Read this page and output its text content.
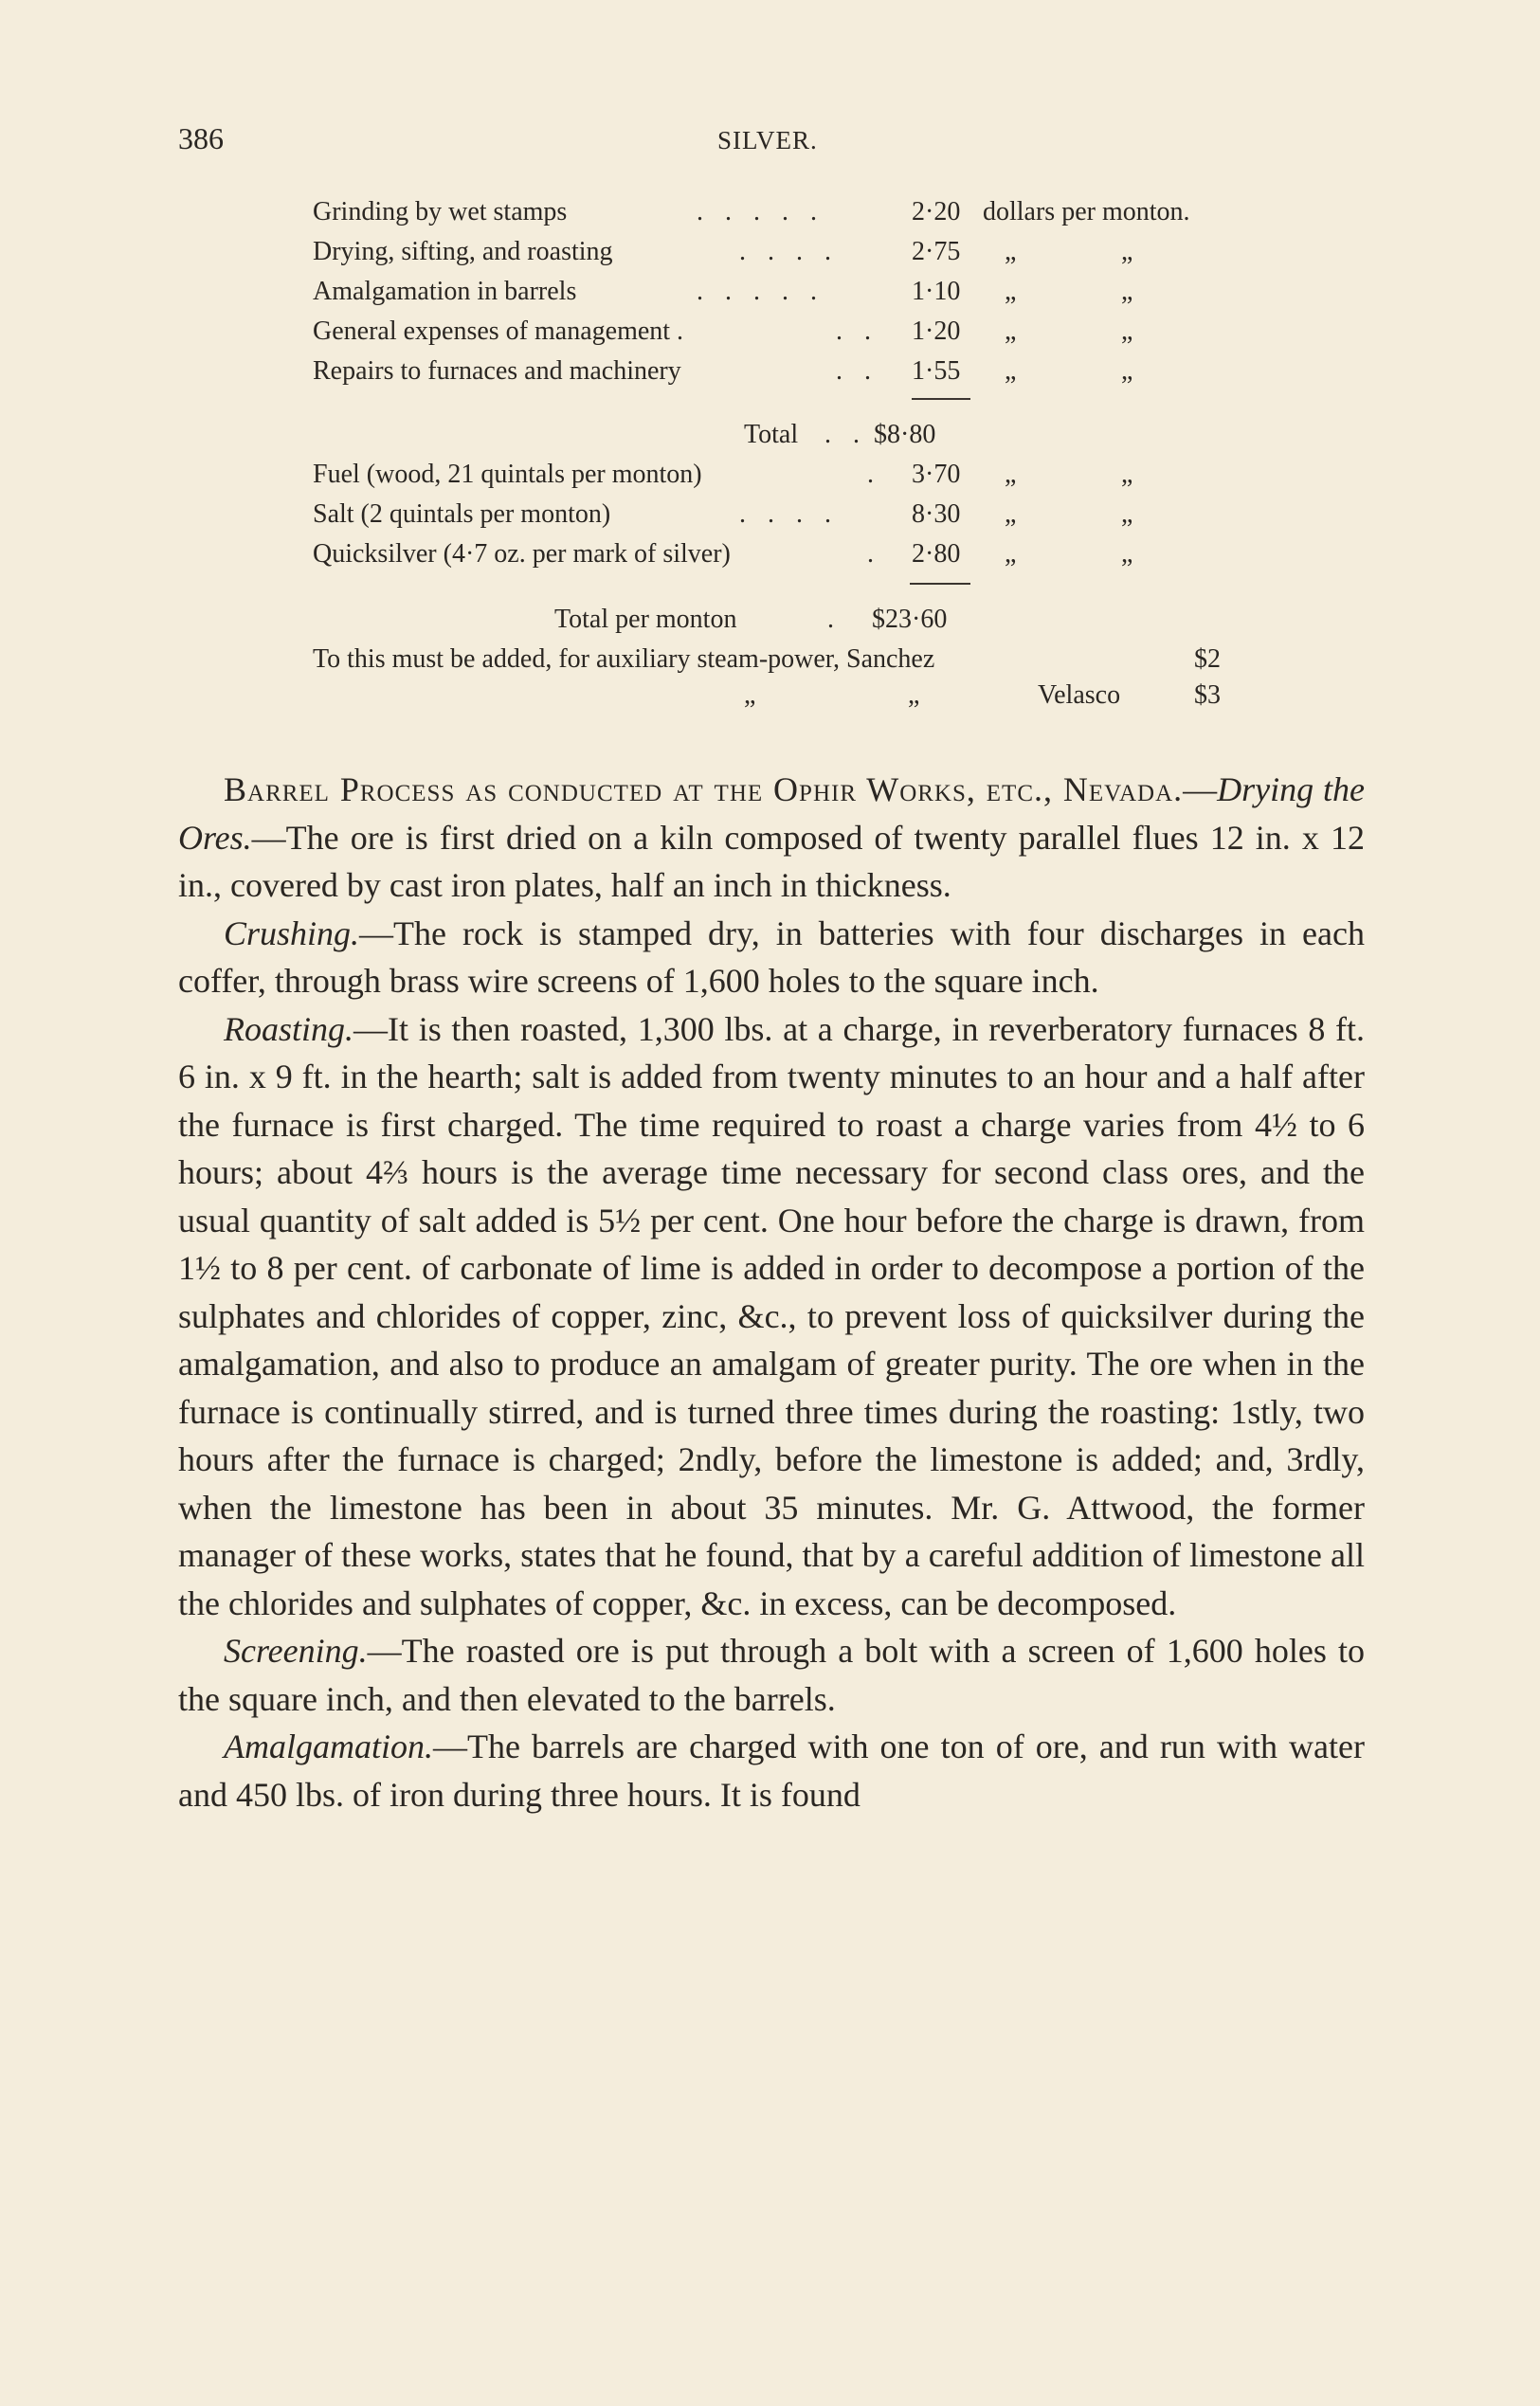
386	SILVER.
Grinding by wet stamps	. . . . .	2·20 dollars per monton.
Drying, sifting, and roasting	. . . .	2·75 „	„
Amalgamation in barrels	. . . . .	1·10 „	„
General expenses of management .	. . 1·20 „	„
Repairs to furnaces and machinery	. . 1·55 „	„
Total . . $8·80
Fuel (wood, 21 quintals per monton)	. 3·70 „	„
Salt (2 quintals per monton)	. . . .	8·30 „	„
Quicksilver (4·7 oz. per mark of silver)	. 2·80 „	„
Total per monton	. $23·60
To this must be added, for auxiliary steam-power, Sanchez	$2
„	„	Velasco	$3

Barrel Process as conducted at the Ophir Works, etc., Nevada.—Drying the Ores.—The ore is first dried on a kiln composed of twenty parallel flues 12 in. x 12 in., covered by cast iron plates, half an inch in thickness.

Crushing.—The rock is stamped dry, in batteries with four discharges in each coffer, through brass wire screens of 1,600 holes to the square inch.

Roasting.—It is then roasted, 1,300 lbs. at a charge, in reverberatory furnaces 8 ft. 6 in. x 9 ft. in the hearth; salt is added from twenty minutes to an hour and a half after the furnace is first charged. The time required to roast a charge varies from 4½ to 6 hours; about 4⅔ hours is the average time necessary for second class ores, and the usual quantity of salt added is 5½ per cent. One hour before the charge is drawn, from 1½ to 8 per cent. of carbonate of lime is added in order to decompose a portion of the sulphates and chlorides of copper, zinc, &c., to prevent loss of quicksilver during the amalgamation, and also to produce an amalgam of greater purity. The ore when in the furnace is continually stirred, and is turned three times during the roasting: 1stly, two hours after the furnace is charged; 2ndly, before the limestone is added; and, 3rdly, when the limestone has been in about 35 minutes. Mr. G. Attwood, the former manager of these works, states that he found, that by a careful addition of limestone all the chlorides and sulphates of copper, &c. in excess, can be decomposed.

Screening.—The roasted ore is put through a bolt with a screen of 1,600 holes to the square inch, and then elevated to the barrels.

Amalgamation.—The barrels are charged with one ton of ore, and run with water and 450 lbs. of iron during three hours. It is found
